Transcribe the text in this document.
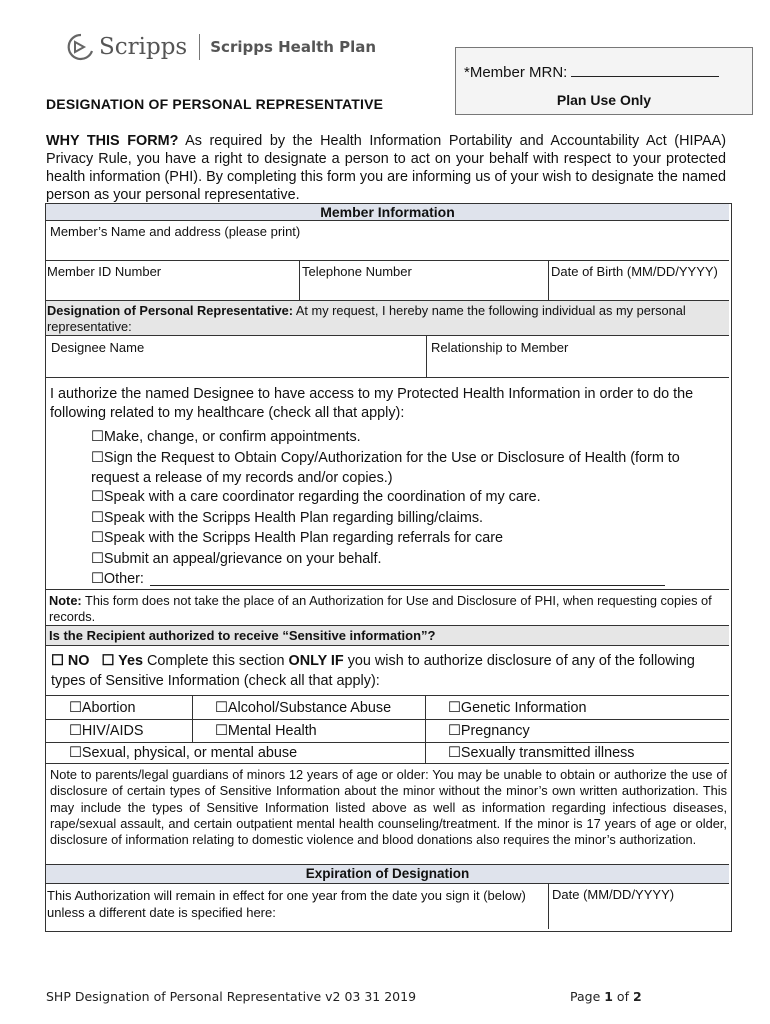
Scripps Scripps Health Plan
*Member MRN:
Plan Use Only
DESIGNATION OF PERSONAL REPRESENTATIVE
WHY THIS FORM? As required by the Health Information Portability and Accountability Act (HIPAA) Privacy Rule, you have a right to designate a person to act on your behalf with respect to your protected health information (PHI). By completing this form you are informing us of your wish to designate the named person as your personal representative.
Member Information
Member’s Name and address (please print)
Member ID Number	Telephone Number	Date of Birth (MM/DD/YYYY)
Designation of Personal Representative: At my request, I hereby name the following individual as my personal representative:
Designee Name	Relationship to Member
I authorize the named Designee to have access to my Protected Health Information in order to do the following related to my healthcare (check all that apply):
☐Make, change, or confirm appointments.
☐Sign the Request to Obtain Copy/Authorization for the Use or Disclosure of Health (form to request a release of my records and/or copies.)
☐Speak with a care coordinator regarding the coordination of my care.
☐Speak with the Scripps Health Plan regarding billing/claims.
☐Speak with the Scripps Health Plan regarding referrals for care
☐Submit an appeal/grievance on your behalf.
☐Other:
Note: This form does not take the place of an Authorization for Use and Disclosure of PHI, when requesting copies of records.
Is the Recipient authorized to receive “Sensitive information”?
☐ NO ☐ Yes Complete this section ONLY IF you wish to authorize disclosure of any of the following types of Sensitive Information (check all that apply):
☐Abortion	☐Alcohol/Substance Abuse	☐Genetic Information
☐HIV/AIDS	☐Mental Health	☐Pregnancy
☐Sexual, physical, or mental abuse	☐Sexually transmitted illness
Note to parents/legal guardians of minors 12 years of age or older: You may be unable to obtain or authorize the use of disclosure of certain types of Sensitive Information about the minor without the minor’s own written authorization. This may include the types of Sensitive Information listed above as well as information regarding infectious diseases, rape/sexual assault, and certain outpatient mental health counseling/treatment. If the minor is 17 years of age or older, disclosure of information relating to domestic violence and blood donations also requires the minor’s authorization.
Expiration of Designation
This Authorization will remain in effect for one year from the date you sign it (below) unless a different date is specified here:
Date (MM/DD/YYYY)
SHP Designation of Personal Representative v2 03 31 2019	Page 1 of 2
